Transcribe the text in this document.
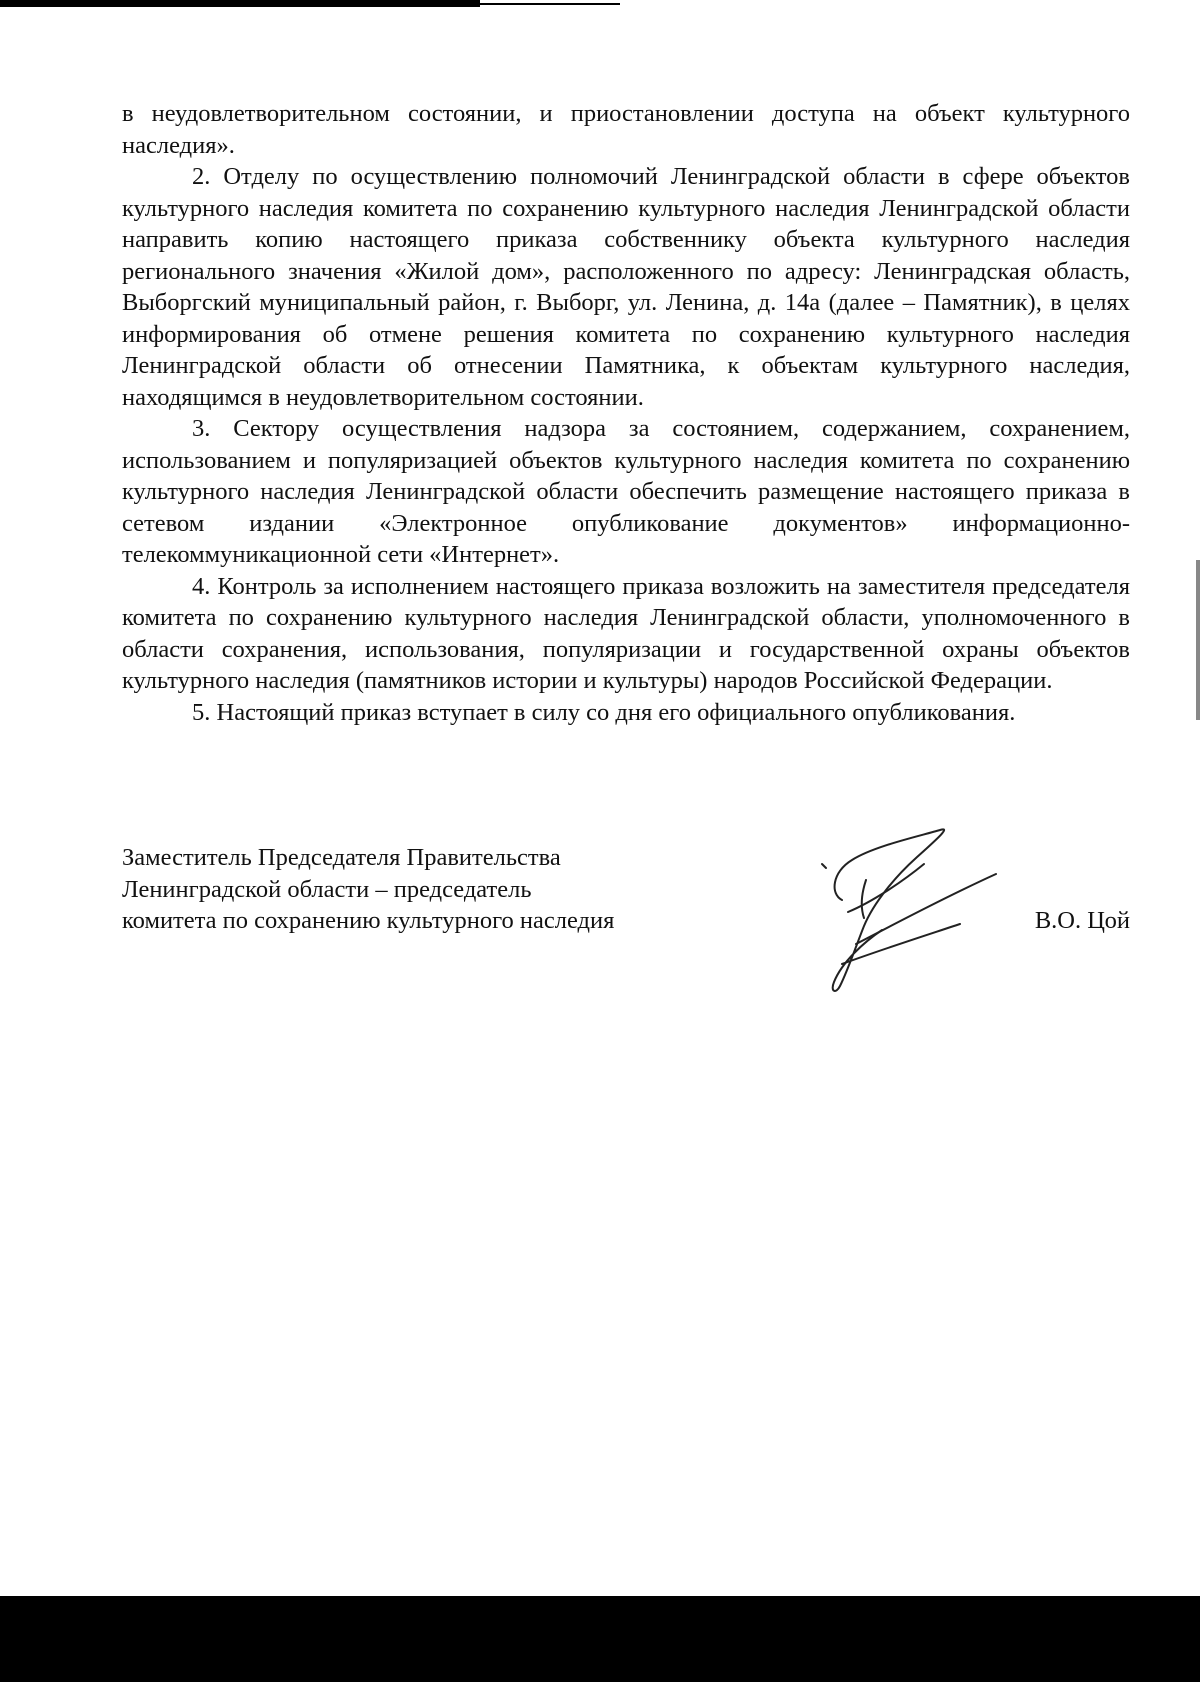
в неудовлетворительном состоянии, и приостановлении доступа на объект культурного наследия».

2. Отделу по осуществлению полномочий Ленинградской области в сфере объектов культурного наследия комитета по сохранению культурного наследия Ленинградской области направить копию настоящего приказа собственнику объекта культурного наследия регионального значения «Жилой дом», расположенного по адресу: Ленинградская область, Выборгский муниципальный район, г. Выборг, ул. Ленина, д. 14а (далее – Памятник), в целях информирования об отмене решения комитета по сохранению культурного наследия Ленинградской области об отнесении Памятника, к объектам культурного наследия, находящимся в неудовлетворительном состоянии.

3. Сектору осуществления надзора за состоянием, содержанием, сохранением, использованием и популяризацией объектов культурного наследия комитета по сохранению культурного наследия Ленинградской области обеспечить размещение настоящего приказа в сетевом издании «Электронное опубликование документов» информационно-телекоммуникационной сети «Интернет».

4. Контроль за исполнением настоящего приказа возложить на заместителя председателя комитета по сохранению культурного наследия Ленинградской области, уполномоченного в области сохранения, использования, популяризации и государственной охраны объектов культурного наследия (памятников истории и культуры) народов Российской Федерации.

5. Настоящий приказ вступает в силу со дня его официального опубликования.

Заместитель Председателя Правительства
Ленинградской области – председатель
комитета по сохранению культурного наследия	В.О. Цой
